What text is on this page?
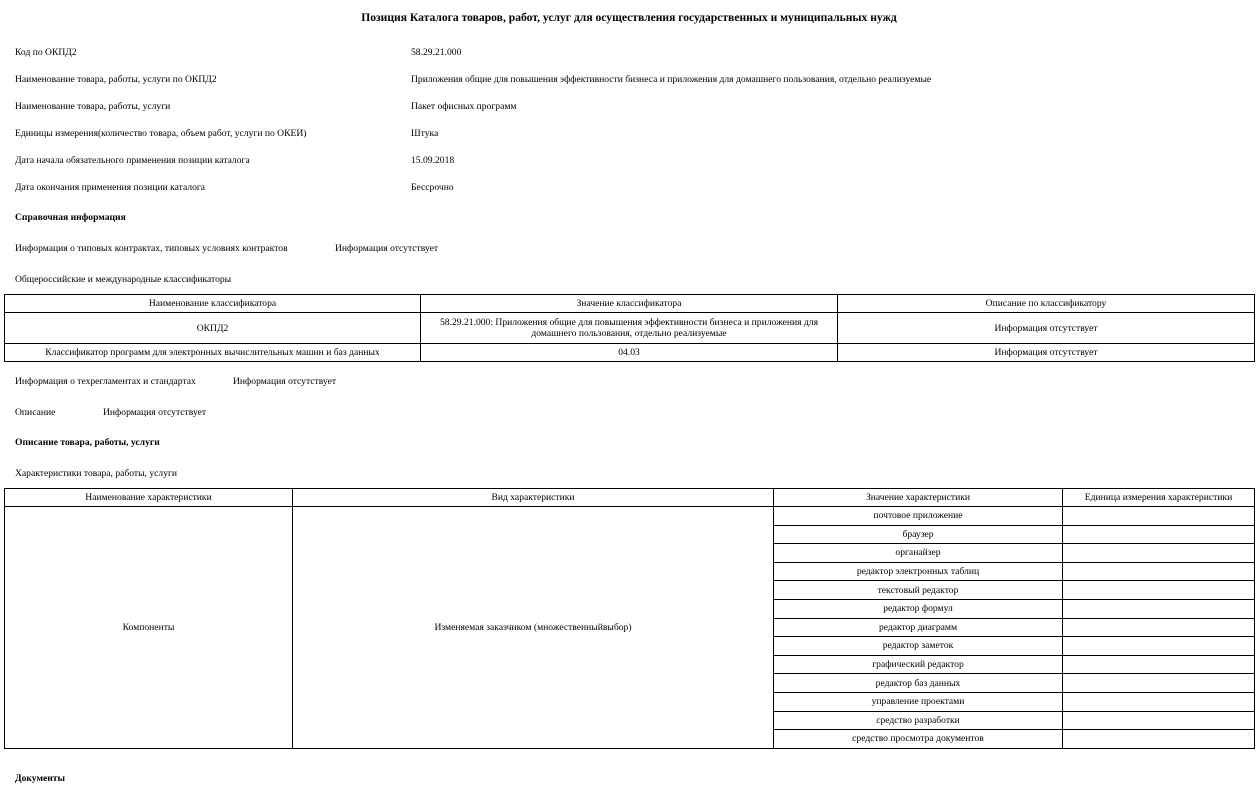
Позиция Каталога товаров, работ, услуг для осуществления государственных и муниципальных нужд
Код по ОКПД2	58.29.21.000
Наименование товара, работы, услуги по ОКПД2	Приложения общие для повышения эффективности бизнеса и приложения для домашнего пользования, отдельно реализуемые
Наименование товара, работы, услуги	Пакет офисных программ
Единицы измерения(количество товара, объем работ, услуги по ОКЕИ)	Штука
Дата начала обязательного применения позиции каталога	15.09.2018
Дата окончания применения позиции каталога	Бессрочно
Справочная информация
Информация о типовых контрактах, типовых условиях контрактов	Информация отсутствует
Общероссийские и международные классификаторы
Наименование классификатора	Значение классификатора	Описание по классификатору
ОКПД2	58.29.21.000: Приложения общие для повышения эффективности бизнеса и приложения для домашнего пользования, отдельно реализуемые	Информация отсутствует
Классификатор программ для электронных вычислительных машин и баз данных	04.03	Информация отсутствует
Информация о техрегламентах и стандартах	Информация отсутствует
Описание	Информация отсутствует
Описание товара, работы, услуги
Характеристики товара, работы, услуги
Наименование характеристики	Вид характеристики	Значение характеристики	Единица измерения характеристики
Компоненты	Изменяемая заказчиком (множественныйвыбор)	почтовое приложение	
		браузер	
		органайзер	
		редактор электронных таблиц	
		текстовый редактор	
		редактор формул	
		редактор диаграмм	
		редактор заметок	
		графический редактор	
		редактор баз данных	
		управление проектами	
		средство разработки	
		средство просмотра документов	
Документы
